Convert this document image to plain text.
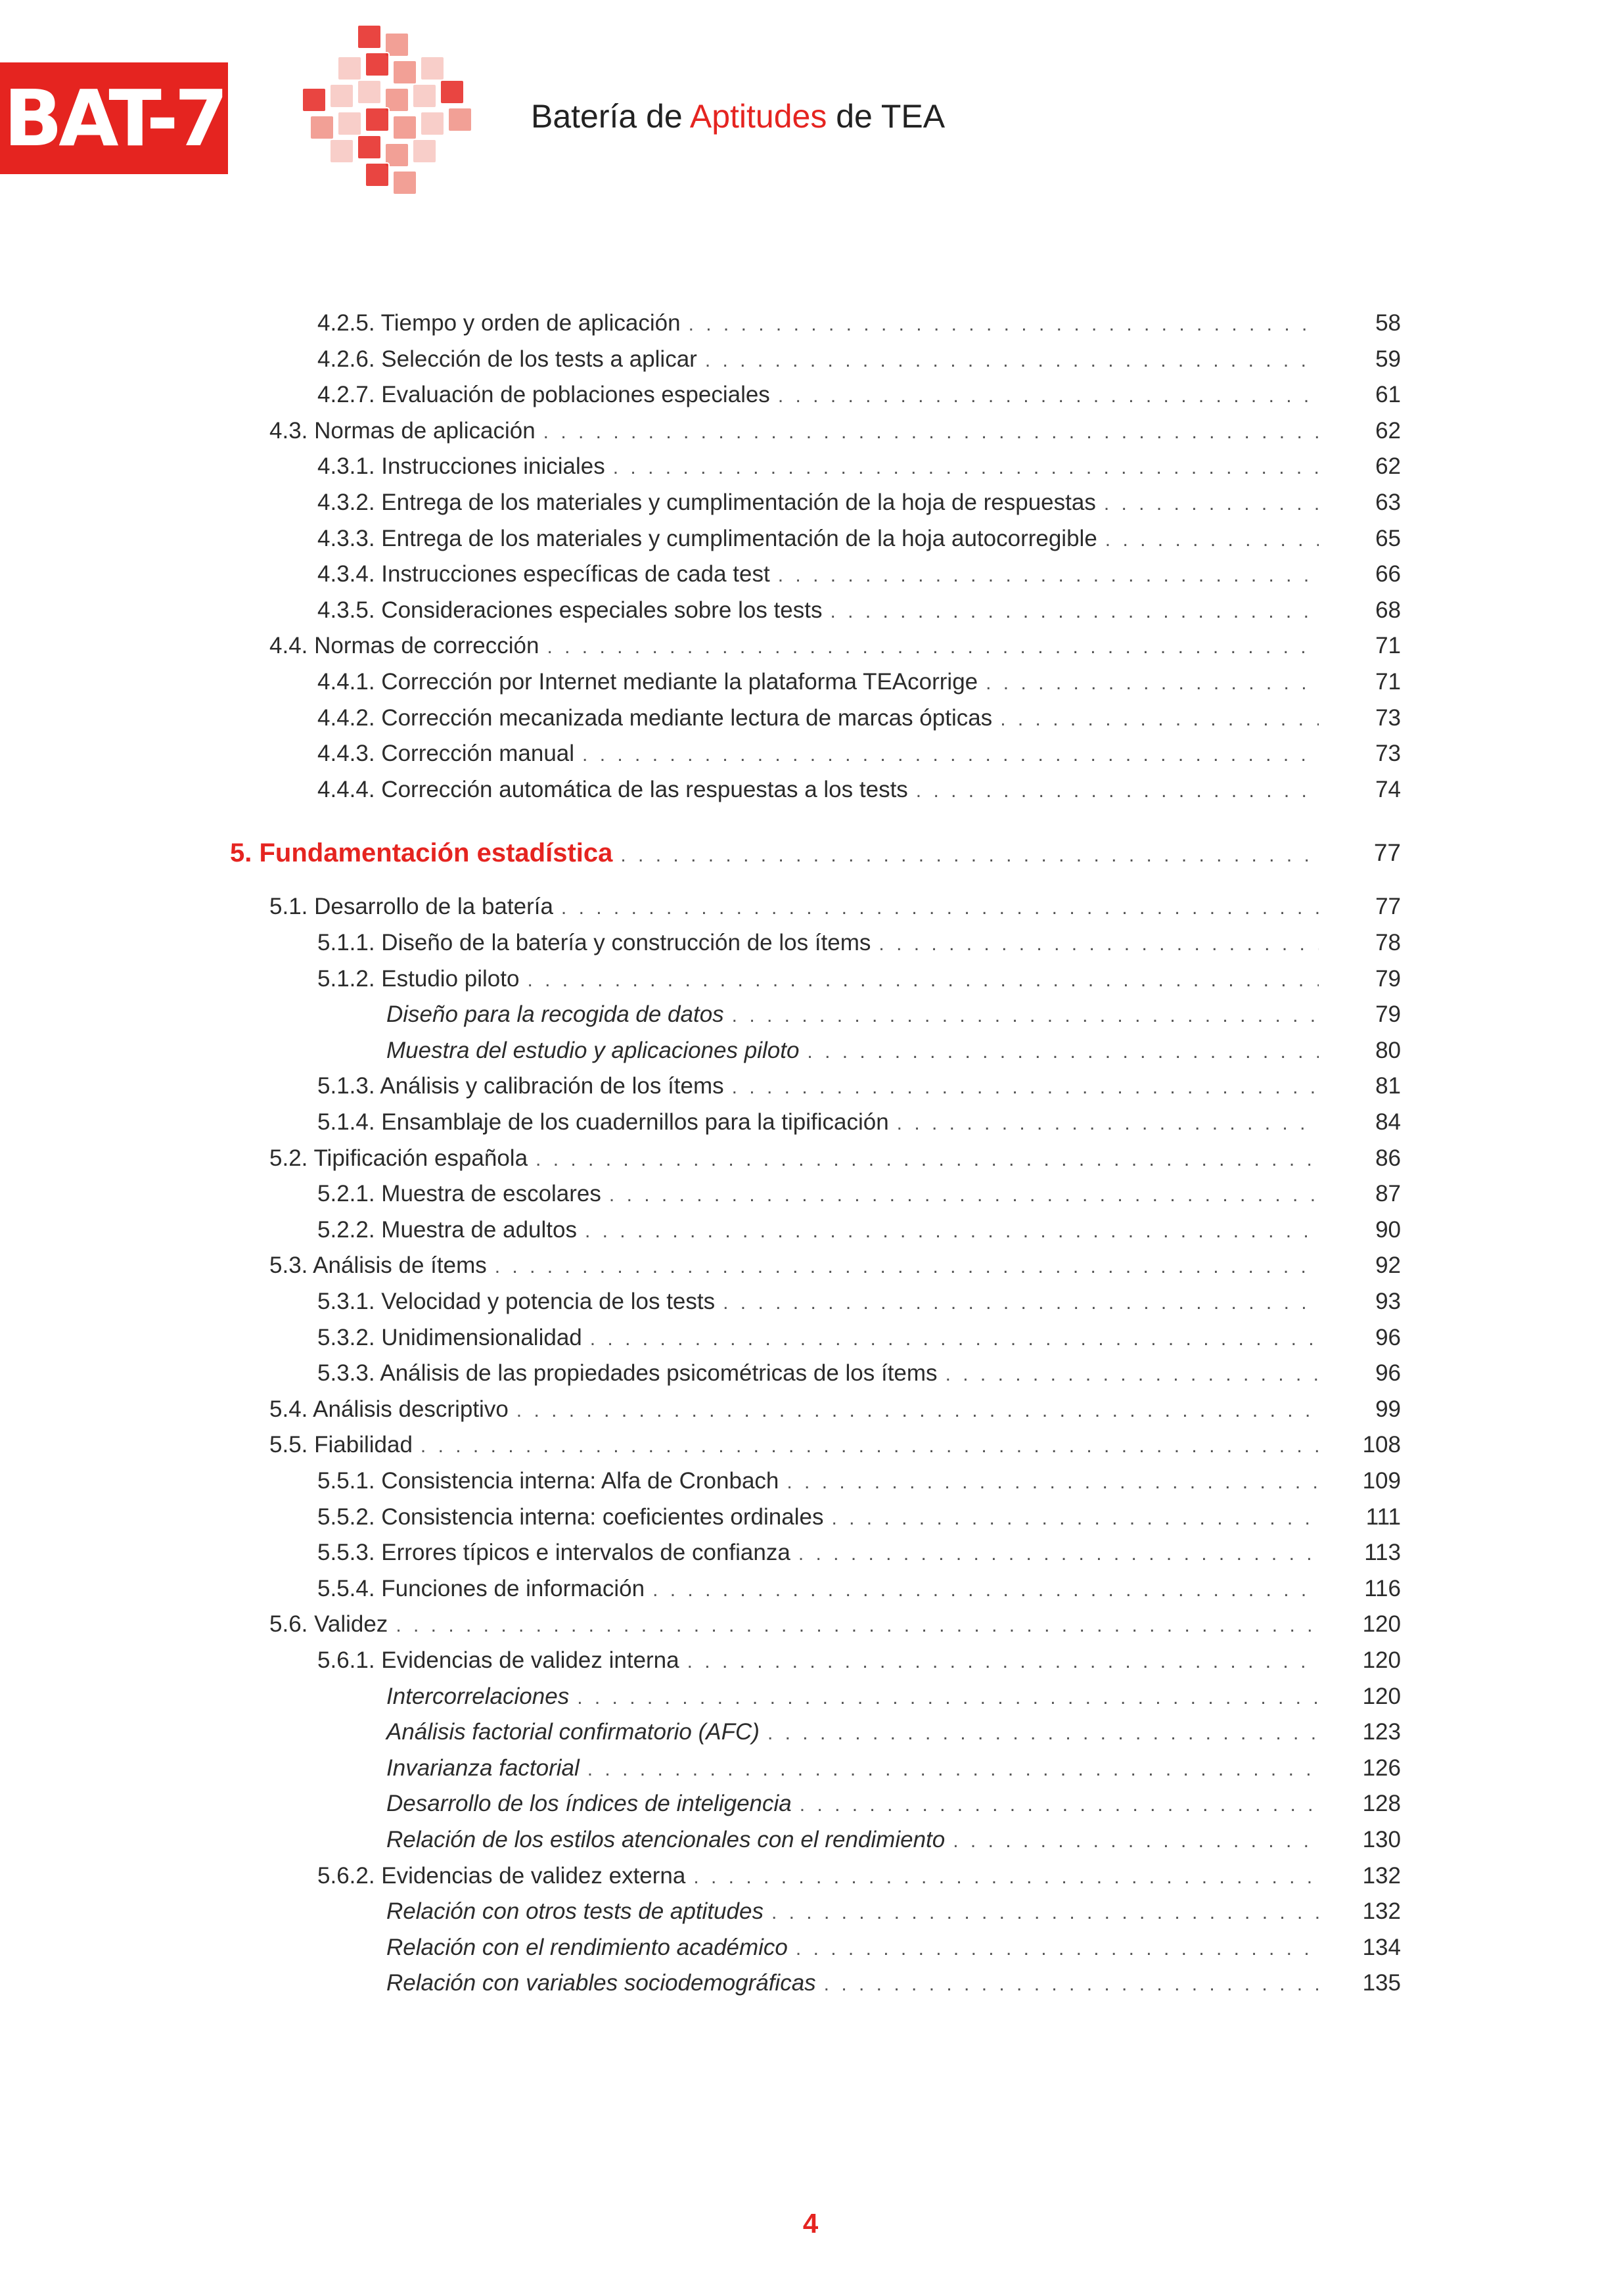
BAT-7	Batería de Aptitudes de TEA
4.2.5. Tiempo y orden de aplicación . . .	58
4.2.6. Selección de los tests a aplicar . . .	59
4.2.7. Evaluación de poblaciones especiales . . .	61
4.3. Normas de aplicación . . .	62
4.3.1. Instrucciones iniciales . . .	62
4.3.2. Entrega de los materiales y cumplimentación de la hoja de respuestas . . .	63
4.3.3. Entrega de los materiales y cumplimentación de la hoja autocorregible . . .	65
4.3.4. Instrucciones específicas de cada test . . .	66
4.3.5. Consideraciones especiales sobre los tests . . .	68
4.4. Normas de corrección . . .	71
4.4.1. Corrección por Internet mediante la plataforma TEAcorrige . . .	71
4.4.2. Corrección mecanizada mediante lectura de marcas ópticas . . .	73
4.4.3. Corrección manual . . .	73
4.4.4. Corrección automática de las respuestas a los tests . . .	74
5. Fundamentación estadística . . .	77
5.1. Desarrollo de la batería . . .	77
5.1.1. Diseño de la batería y construcción de los ítems . . .	78
5.1.2. Estudio piloto . . .	79
Diseño para la recogida de datos . . .	79
Muestra del estudio y aplicaciones piloto . . .	80
5.1.3. Análisis y calibración de los ítems . . .	81
5.1.4. Ensamblaje de los cuadernillos para la tipificación . . .	84
5.2. Tipificación española . . .	86
5.2.1. Muestra de escolares . . .	87
5.2.2. Muestra de adultos . . .	90
5.3. Análisis de ítems . . .	92
5.3.1. Velocidad y potencia de los tests . . .	93
5.3.2. Unidimensionalidad . . .	96
5.3.3. Análisis de las propiedades psicométricas de los ítems . . .	96
5.4. Análisis descriptivo . . .	99
5.5. Fiabilidad . . .	108
5.5.1. Consistencia interna: Alfa de Cronbach . . .	109
5.5.2. Consistencia interna: coeficientes ordinales . . .	111
5.5.3. Errores típicos e intervalos de confianza . . .	113
5.5.4. Funciones de información . . .	116
5.6. Validez . . .	120
5.6.1. Evidencias de validez interna . . .	120
Intercorrelaciones . . .	120
Análisis factorial confirmatorio (AFC) . . .	123
Invarianza factorial . . .	126
Desarrollo de los índices de inteligencia . . .	128
Relación de los estilos atencionales con el rendimiento . . .	130
5.6.2. Evidencias de validez externa . . .	132
Relación con otros tests de aptitudes . . .	132
Relación con el rendimiento académico . . .	134
Relación con variables sociodemográficas . . .	135
4
